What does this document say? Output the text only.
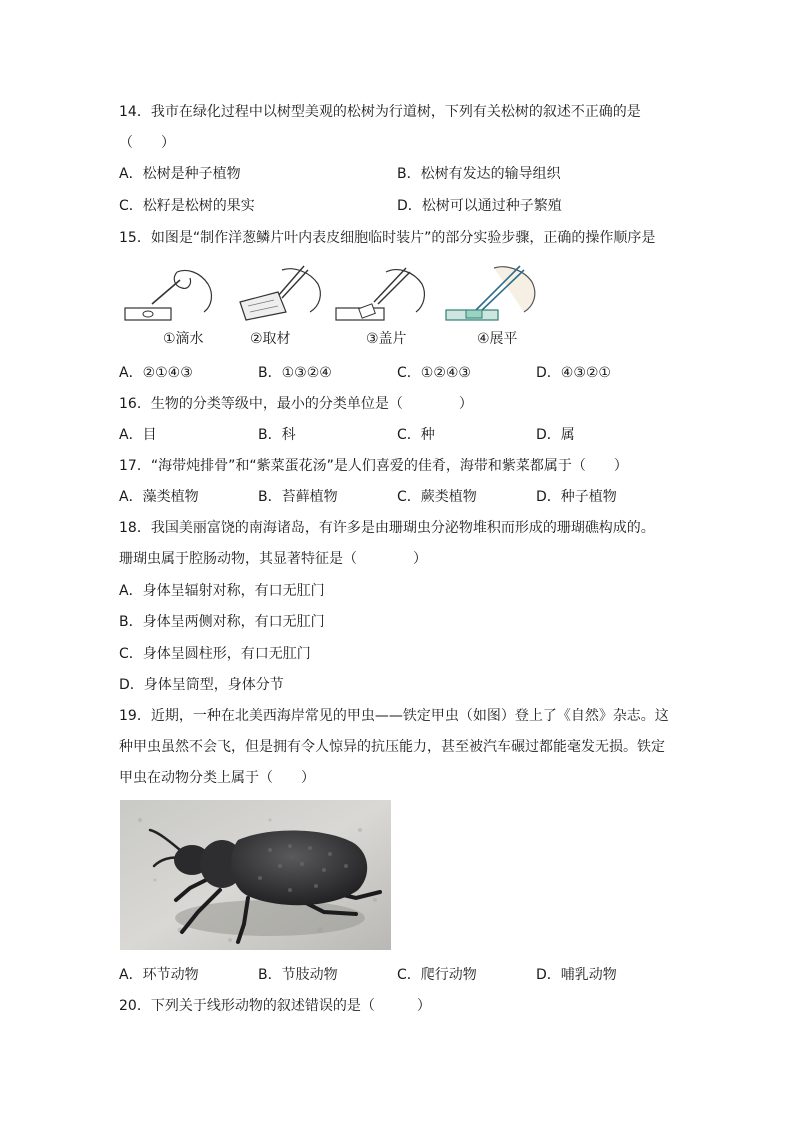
14．我市在绿化过程中以树型美观的松树为行道树，下列有关松树的叙述不正确的是
（　　）
A．松树是种子植物	B．松树有发达的输导组织
C．松籽是松树的果实	D．松树可以通过种子繁殖
15．如图是“制作洋葱鳞片叶内表皮细胞临时装片”的部分实验步骤，正确的操作顺序是
①滴水	②取材	③盖片	④展平
A．②①④③	B．①③②④	C．①②④③	D．④③②①
16．生物的分类等级中，最小的分类单位是（　　　　）
A．目	B．科	C．种	D．属
17．“海带炖排骨”和“紫菜蛋花汤”是人们喜爱的佳肴，海带和紫菜都属于（　　）
A．藻类植物	B．苔藓植物	C．蕨类植物	D．种子植物
18．我国美丽富饶的南海诸岛，有许多是由珊瑚虫分泌物堆积而形成的珊瑚礁构成的。
珊瑚虫属于腔肠动物，其显著特征是（　　　　）
A．身体呈辐射对称，有口无肛门
B．身体呈两侧对称，有口无肛门
C．身体呈圆柱形，有口无肛门
D．身体呈筒型，身体分节
19．近期，一种在北美西海岸常见的甲虫——铁定甲虫（如图）登上了《自然》杂志。这
种甲虫虽然不会飞，但是拥有令人惊异的抗压能力，甚至被汽车碾过都能毫发无损。铁定
甲虫在动物分类上属于（　　）
A．环节动物	B．节肢动物	C．爬行动物	D．哺乳动物
20．下列关于线形动物的叙述错误的是（　　　）
